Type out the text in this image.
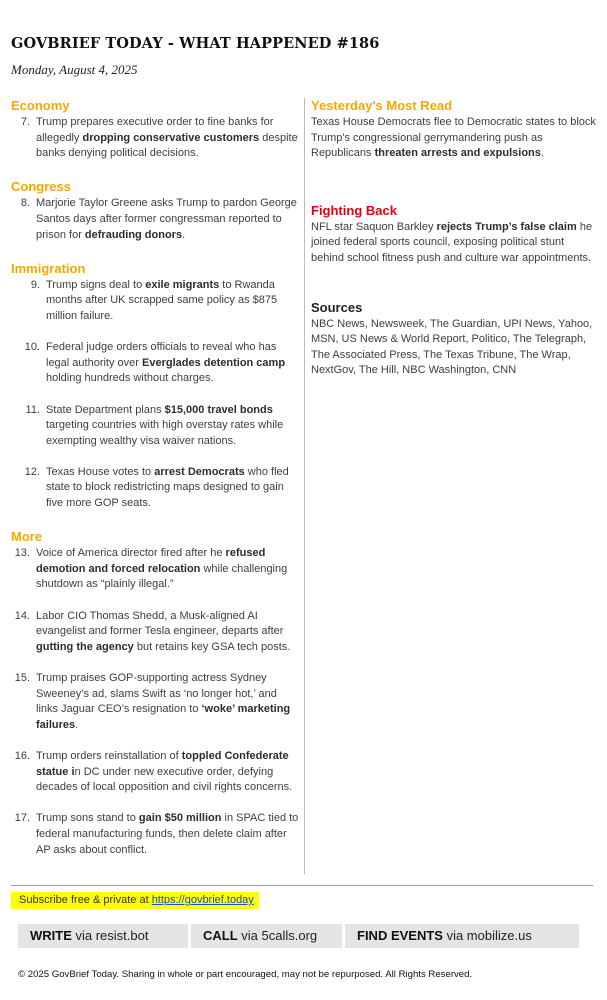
GOVBRIEF TODAY - WHAT HAPPENED #186
Monday, August 4, 2025
Economy
7. Trump prepares executive order to fine banks for allegedly dropping conservative customers despite banks denying political decisions.
Congress
8. Marjorie Taylor Greene asks Trump to pardon George Santos days after former congressman reported to prison for defrauding donors.
Immigration
9. Trump signs deal to exile migrants to Rwanda months after UK scrapped same policy as $875 million failure.
10. Federal judge orders officials to reveal who has legal authority over Everglades detention camp holding hundreds without charges.
11. State Department plans $15,000 travel bonds targeting countries with high overstay rates while exempting wealthy visa waiver nations.
12. Texas House votes to arrest Democrats who fled state to block redistricting maps designed to gain five more GOP seats.
More
13. Voice of America director fired after he refused demotion and forced relocation while challenging shutdown as “plainly illegal.”
14. Labor CIO Thomas Shedd, a Musk-aligned AI evangelist and former Tesla engineer, departs after gutting the agency but retains key GSA tech posts.
15. Trump praises GOP-supporting actress Sydney Sweeney’s ad, slams Swift as ‘no longer hot,’ and links Jaguar CEO’s resignation to ‘woke’ marketing failures.
16. Trump orders reinstallation of toppled Confederate statue in DC under new executive order, defying decades of local opposition and civil rights concerns.
17. Trump sons stand to gain $50 million in SPAC tied to federal manufacturing funds, then delete claim after AP asks about conflict.
Yesterday's Most Read
Texas House Democrats flee to Democratic states to block Trump's congressional gerrymandering push as Republicans threaten arrests and expulsions.
Fighting Back
NFL star Saquon Barkley rejects Trump’s false claim he joined federal sports council, exposing political stunt behind school fitness push and culture war appointments.
Sources
NBC News, Newsweek, The Guardian, UPI News, Yahoo, MSN, US News & World Report, Politico, The Telegraph, The Associated Press, The Texas Tribune, The Wrap, NextGov, The Hill, NBC Washington, CNN
Subscribe free & private at https://govbrief.today
WRITE via resist.bot	CALL via 5calls.org	FIND EVENTS via mobilize.us
© 2025 GovBrief Today. Sharing in whole or part encouraged, may not be repurposed. All Rights Reserved.
